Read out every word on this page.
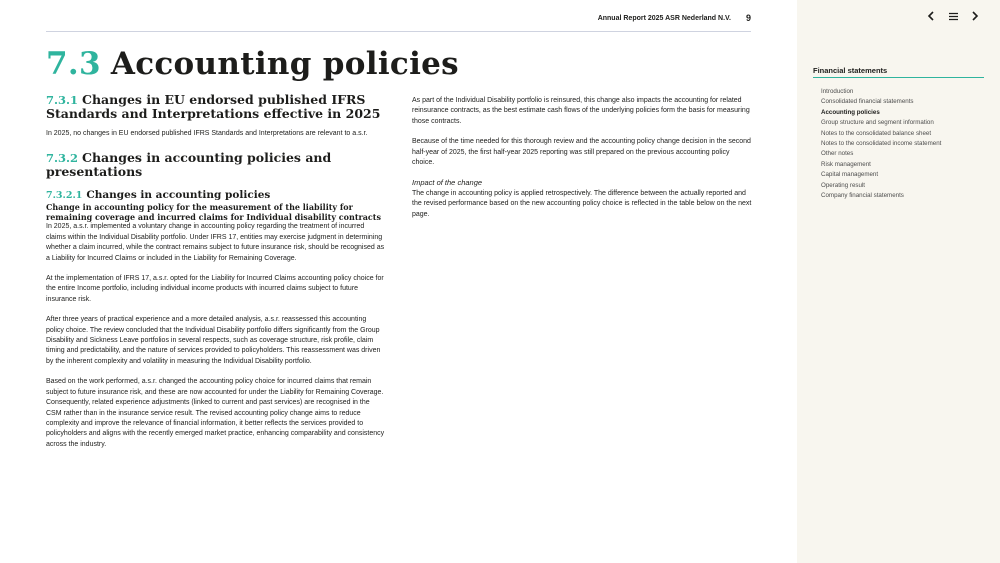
Annual Report 2025 ASR Nederland N.V. 9
7.3 Accounting policies
7.3.1 Changes in EU endorsed published IFRS Standards and Interpretations effective in 2025

In 2025, no changes in EU endorsed published IFRS Standards and Interpretations are relevant to a.s.r.

7.3.2 Changes in accounting policies and presentations
7.3.2.1 Changes in accounting policies
Change in accounting policy for the measurement of the liability for remaining coverage and incurred claims for Individual disability contracts

In 2025, a.s.r. implemented a voluntary change in accounting policy regarding the treatment of incurred claims within the Individual Disability portfolio. Under IFRS 17, entities may exercise judgment in determining whether a claim incurred, while the contract remains subject to future insurance risk, should be recognised as a Liability for Incurred Claims or included in the Liability for Remaining Coverage.

At the implementation of IFRS 17, a.s.r. opted for the Liability for Incurred Claims accounting policy choice for the entire Income portfolio, including individual income products with incurred claims subject to future insurance risk.

After three years of practical experience and a more detailed analysis, a.s.r. reassessed this accounting policy choice. The review concluded that the Individual Disability portfolio differs significantly from the Group Disability and Sickness Leave portfolios in several respects, such as coverage structure, risk profile, claim timing and predictability, and the nature of services provided to policyholders. This reassessment was driven by the inherent complexity and volatility in measuring the Individual Disability portfolio.

Based on the work performed, a.s.r. changed the accounting policy choice for incurred claims that remain subject to future insurance risk, and these are now accounted for under the Liability for Remaining Coverage. Consequently, related experience adjustments (linked to current and past services) are recognised in the CSM rather than in the insurance service result. The revised accounting policy change aims to reduce complexity and improve the relevance of financial information, it better reflects the services provided to policyholders and aligns with the recently emerged market practice, enhancing comparability and consistency across the industry.

As part of the Individual Disability portfolio is reinsured, this change also impacts the accounting for related reinsurance contracts, as the best estimate cash flows of the underlying policies form the basis for measuring those contracts.

Because of the time needed for this thorough review and the accounting policy change decision in the second half-year of 2025, the first half-year 2025 reporting was still prepared on the previous accounting policy choice.

Impact of the change

The change in accounting policy is applied retrospectively. The difference between the actually reported and the revised performance based on the new accounting policy choice is reflected in the table below on the next page.

Financial statements
Introduction
Consolidated financial statements
Accounting policies
Group structure and segment information
Notes to the consolidated balance sheet
Notes to the consolidated income statement
Other notes
Risk management
Capital management
Operating result
Company financial statements
